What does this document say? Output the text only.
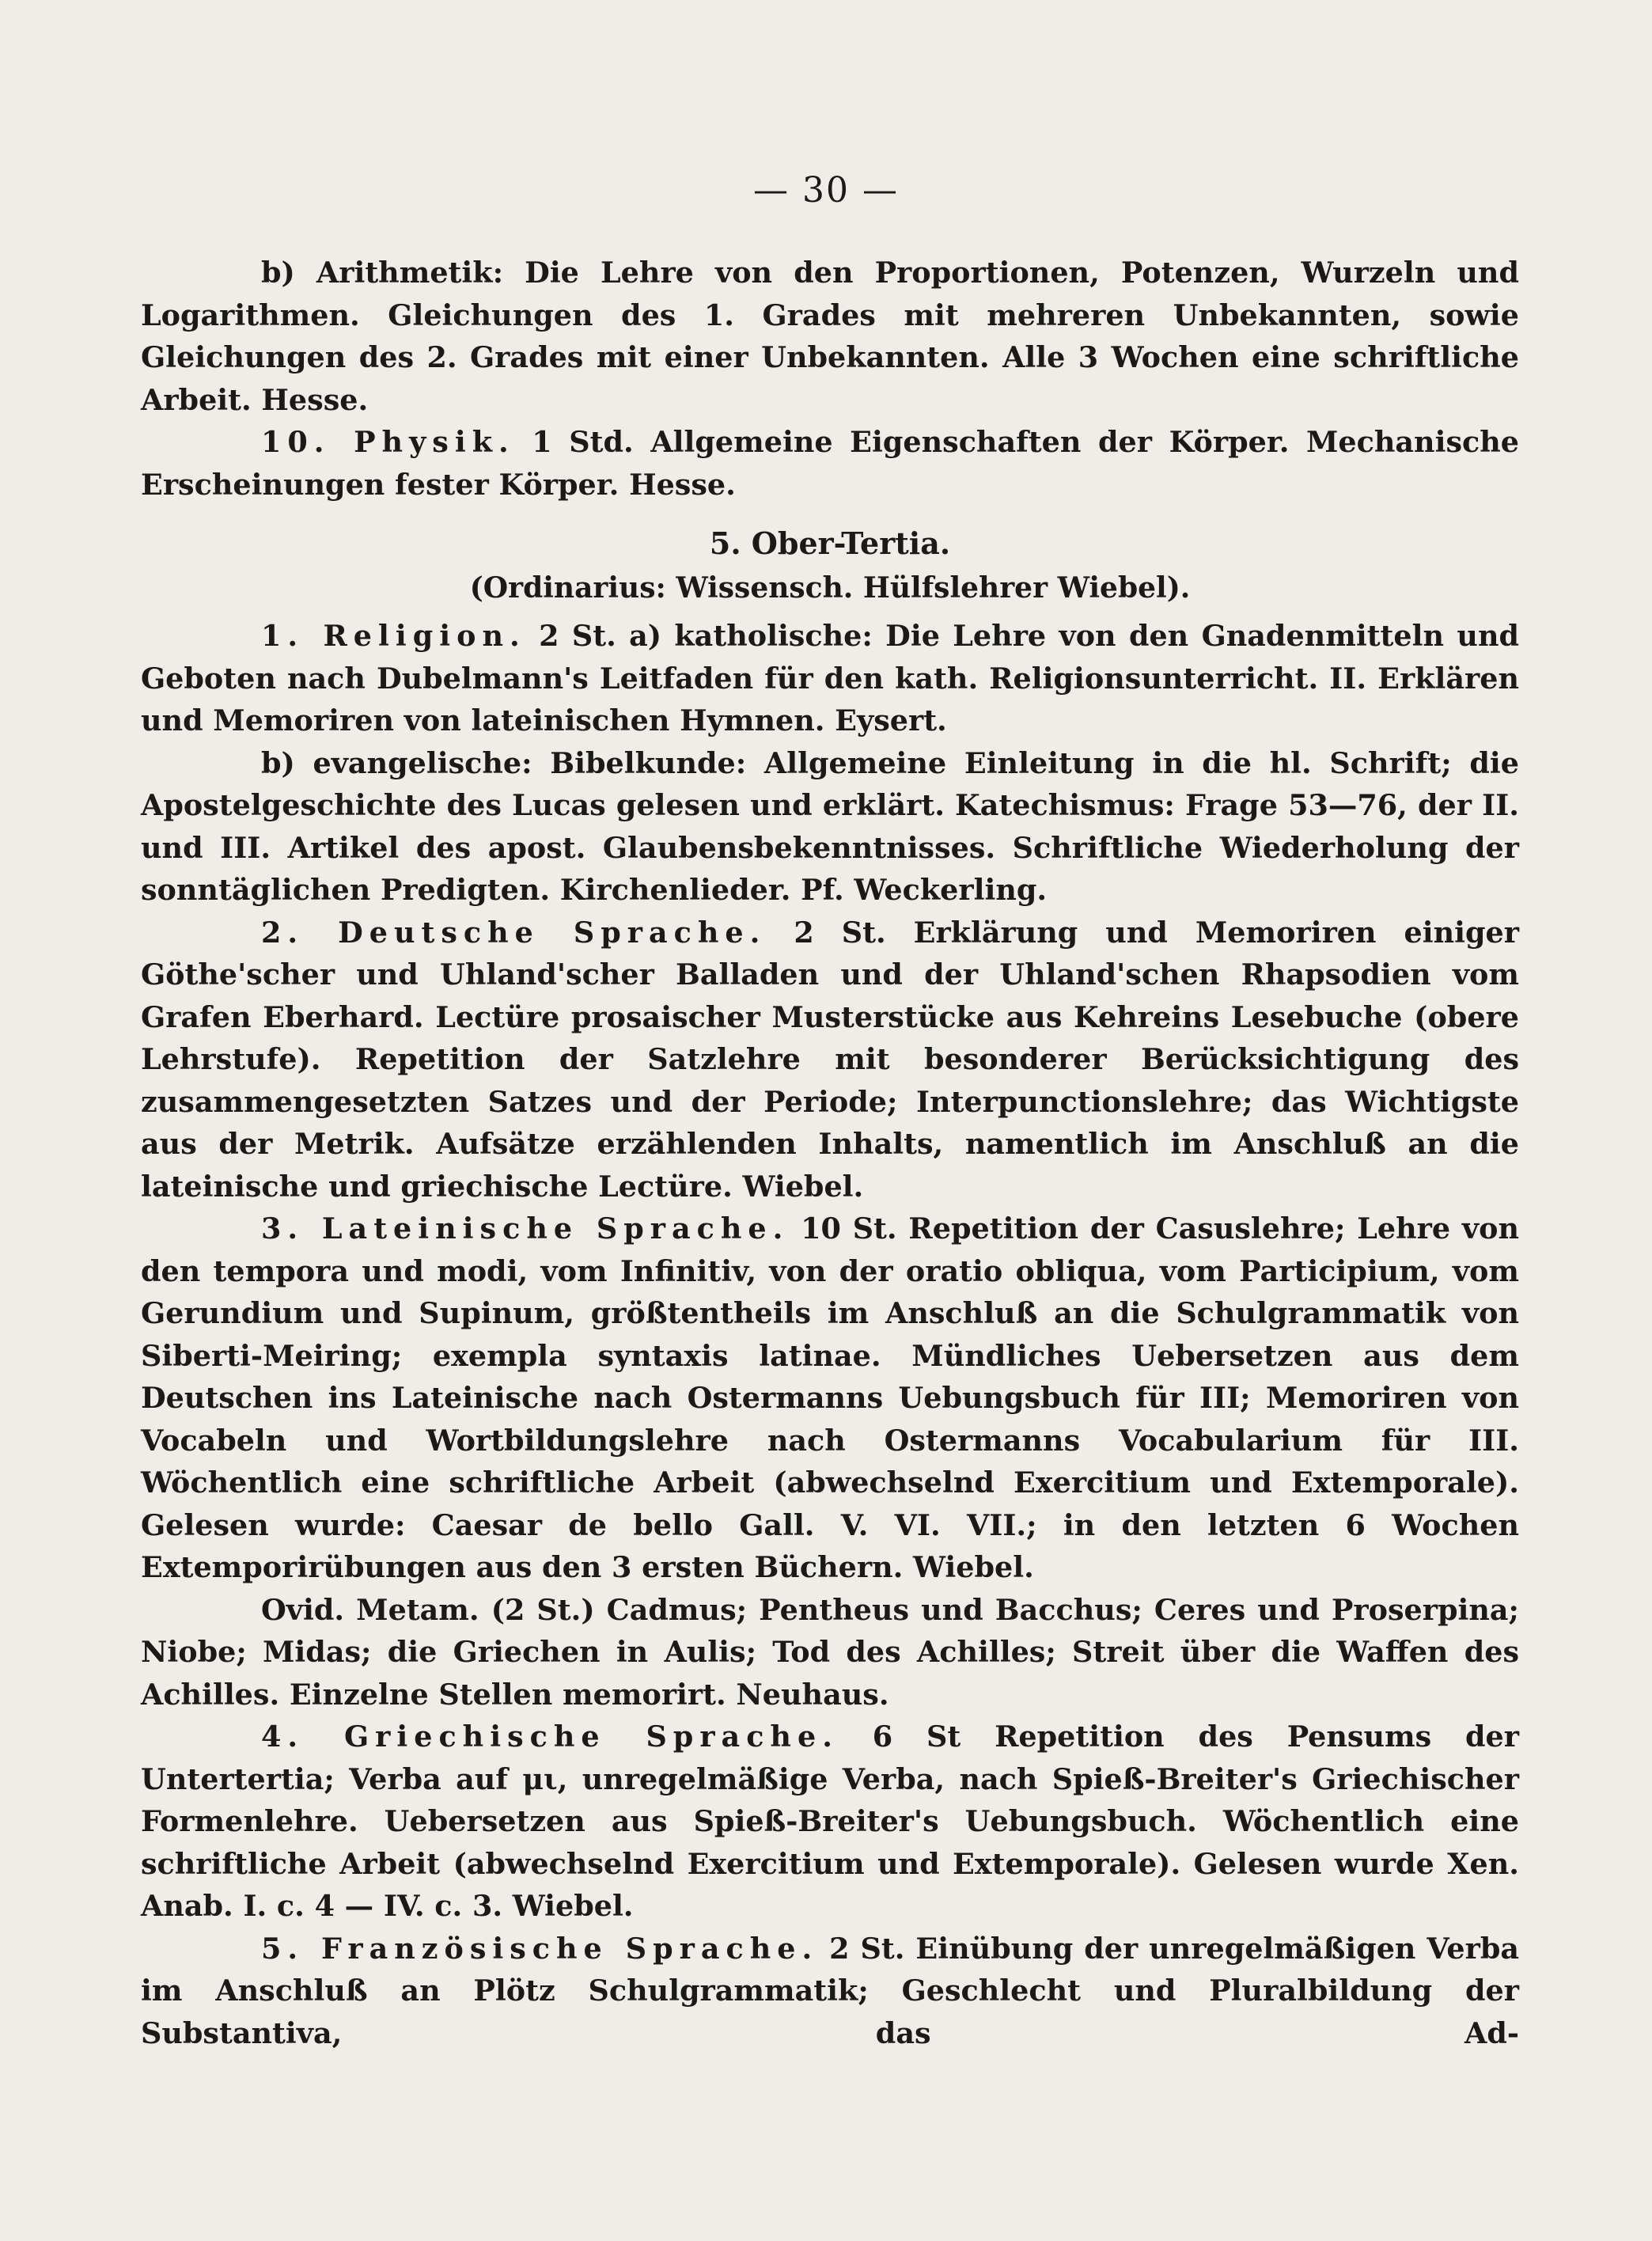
— 30 —

b) Arithmetik: Die Lehre von den Proportionen, Potenzen, Wurzeln und Logarithmen. Gleichungen des 1. Grades mit mehreren Unbekannten, sowie Gleichungen des 2. Grades mit einer Unbekannten. Alle 3 Wochen eine schriftliche Arbeit. Hesse.

10. Physik. 1 Std. Allgemeine Eigenschaften der Körper. Mechanische Erscheinungen fester Körper. Hesse.

5. Ober-Tertia.

(Ordinarius: Wissensch. Hülfslehrer Wiebel).

1. Religion. 2 St. a) katholische: Die Lehre von den Gnadenmitteln und Geboten nach Dubelmann's Leitfaden für den kath. Religionsunterricht. II. Erklären und Memoriren von lateinischen Hymnen. Eysert.

b) evangelische: Bibelkunde: Allgemeine Einleitung in die hl. Schrift; die Apostelgeschichte des Lucas gelesen und erklärt. Katechismus: Frage 53—76, der II. und III. Artikel des apost. Glaubensbekenntnisses. Schriftliche Wiederholung der sonntäglichen Predigten. Kirchenlieder. Pf. Weckerling.

2. Deutsche Sprache. 2 St. Erklärung und Memoriren einiger Göthe'scher und Uhland'scher Balladen und der Uhland'schen Rhapsodien vom Grafen Eberhard. Lectüre prosaischer Musterstücke aus Kehreins Lesebuche (obere Lehrstufe). Repetition der Satzlehre mit besonderer Berücksichtigung des zusammengesetzten Satzes und der Periode; Interpunctionslehre; das Wichtigste aus der Metrik. Aufsätze erzählenden Inhalts, namentlich im Anschluß an die lateinische und griechische Lectüre. Wiebel.

3. Lateinische Sprache. 10 St. Repetition der Casuslehre; Lehre von den tempora und modi, vom Infinitiv, von der oratio obliqua, vom Participium, vom Gerundium und Supinum, größtentheils im Anschluß an die Schulgrammatik von Siberti-Meiring; exempla syntaxis latinae. Mündliches Uebersetzen aus dem Deutschen ins Lateinische nach Ostermanns Uebungsbuch für III; Memoriren von Vocabeln und Wortbildungslehre nach Ostermanns Vocabularium für III. Wöchentlich eine schriftliche Arbeit (abwechselnd Exercitium und Extemporale). Gelesen wurde: Caesar de bello Gall. V. VI. VII.; in den letzten 6 Wochen Extemporirübungen aus den 3 ersten Büchern. Wiebel.

Ovid. Metam. (2 St.) Cadmus; Pentheus und Bacchus; Ceres und Proserpina; Niobe; Midas; die Griechen in Aulis; Tod des Achilles; Streit über die Waffen des Achilles. Einzelne Stellen memorirt. Neuhaus.

4. Griechische Sprache. 6 St Repetition des Pensums der Untertertia; Verba auf μι, unregelmäßige Verba, nach Spieß-Breiter's Griechischer Formenlehre. Uebersetzen aus Spieß-Breiter's Uebungsbuch. Wöchentlich eine schriftliche Arbeit (abwechselnd Exercitium und Extemporale). Gelesen wurde Xen. Anab. I. c. 4 — IV. c. 3. Wiebel.

5. Französische Sprache. 2 St. Einübung der unregelmäßigen Verba im Anschluß an Plötz Schulgrammatik; Geschlecht und Pluralbildung der Substantiva, das Ad-
